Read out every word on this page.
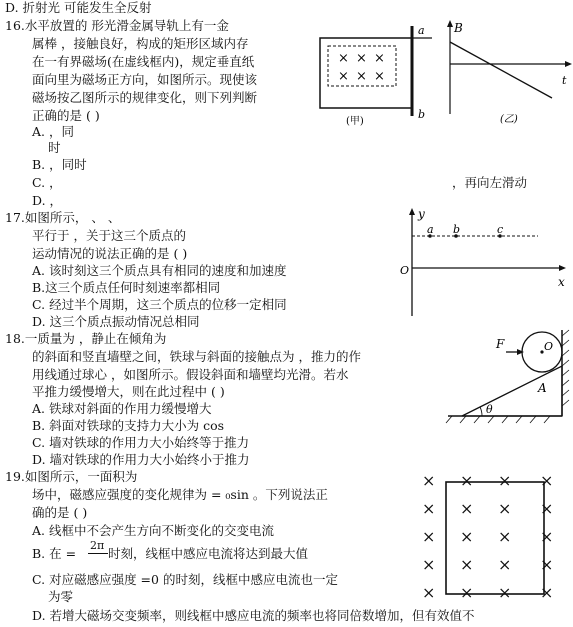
D. 折射光 可能发生全反射
16.水平放置的 形光滑金属导轨上有一金
属棒 ，接触良好，构成的矩形区域内存
在一有界磁场(在虚线框内)，规定垂直纸
面向里为磁场正方向，如图所示。现使该
磁场按乙图所示的规律变化，则下列判断
正确的是 ( )
A. ，同
时
B. ，同时
C. ，	，再向左滑动
D. ，
17.如图所示， 、 、
平行于 ，关于这三个质点的
运动情况的说法正确的是 ( )
A. 该时刻这三个质点具有相同的速度和加速度
B.这三个质点任何时刻速率都相同
C. 经过半个周期，这三个质点的位移一定相同
D. 这三个质点振动情况总相同
18.一质量为 ，静止在倾角为
的斜面和竖直墙壁之间，铁球与斜面的接触点为 ，推力的作
用线通过球心 ，如图所示。假设斜面和墙壁均光滑。若水
平推力缓慢增大，则在此过程中 ( )
A. 铁球对斜面的作用力缓慢增大
B. 斜面对铁球的支持力大小为 cos
C. 墙对铁球的作用力大小始终等于推力
D. 墙对铁球的作用力大小始终小于推力
19.如图所示，一面积为
场中，磁感应强度的变化规律为 = ₀sin 。下列说法正
确的是 ( )
A. 线框中不会产生方向不断变化的交变电流
B. 在 =
2π
时刻，线框中感应电流将达到最大值
C. 对应磁感应强度 =0 的时刻，线框中感应电流也一定
为零
D. 若增大磁场交变频率，则线框中感应电流的频率也将同倍数增加，但有效值不
× × ×
× × ×
a
b
(甲)
B
t
(乙)
y
O
x
a b	c
F	O
A
θ
× × × ×
× × × ×
× × × ×
× × × ×
× × × ×
